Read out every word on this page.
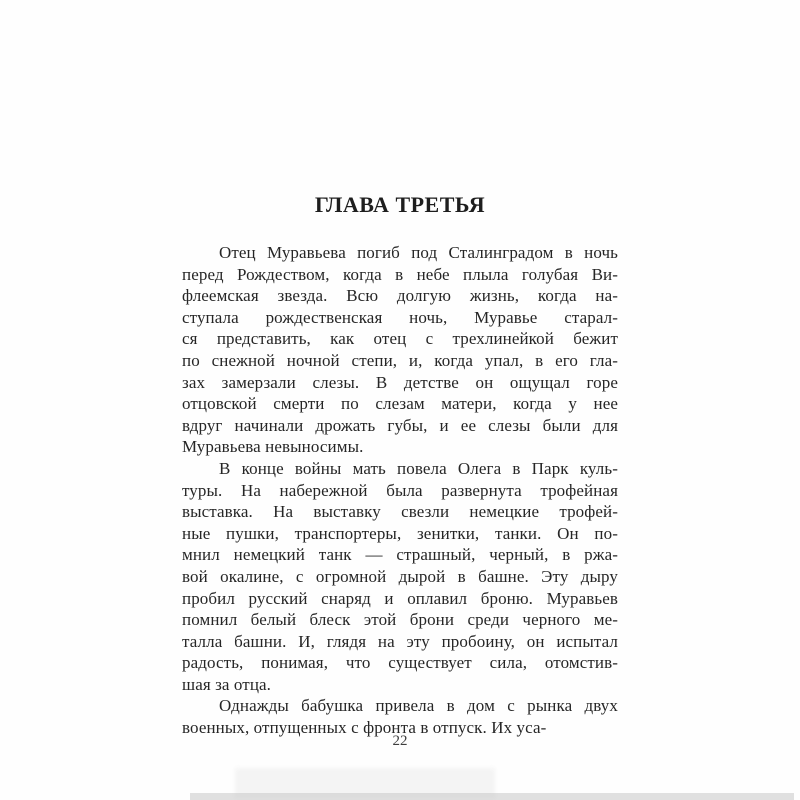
ГЛАВА ТРЕТЬЯ
Отец Муравьева погиб под Сталинградом в ночь
перед Рождеством, когда в небе плыла голубая Ви-
флеемская звезда. Всю долгую жизнь, когда на-
ступала рождественская ночь, Муравье старал-
ся представить, как отец с трехлинейкой бежит
по снежной ночной степи, и, когда упал, в его гла-
зах замерзали слезы. В детстве он ощущал горе
отцовской смерти по слезам матери, когда у нее
вдруг начинали дрожать губы, и ее слезы были для
Муравьева невыносимы.
В конце войны мать повела Олега в Парк куль-
туры. На набережной была развернута трофейная
выставка. На выставку свезли немецкие трофей-
ные пушки, транспортеры, зенитки, танки. Он по-
мнил немецкий танк — страшный, черный, в ржа-
вой окалине, с огромной дырой в башне. Эту дыру
пробил русский снаряд и оплавил броню. Муравьев
помнил белый блеск этой брони среди черного ме-
талла башни. И, глядя на эту пробоину, он испытал
радость, понимая, что существует сила, отомстив-
шая за отца.
Однажды бабушка привела в дом с рынка двух
военных, отпущенных с фронта в отпуск. Их уса-
22
